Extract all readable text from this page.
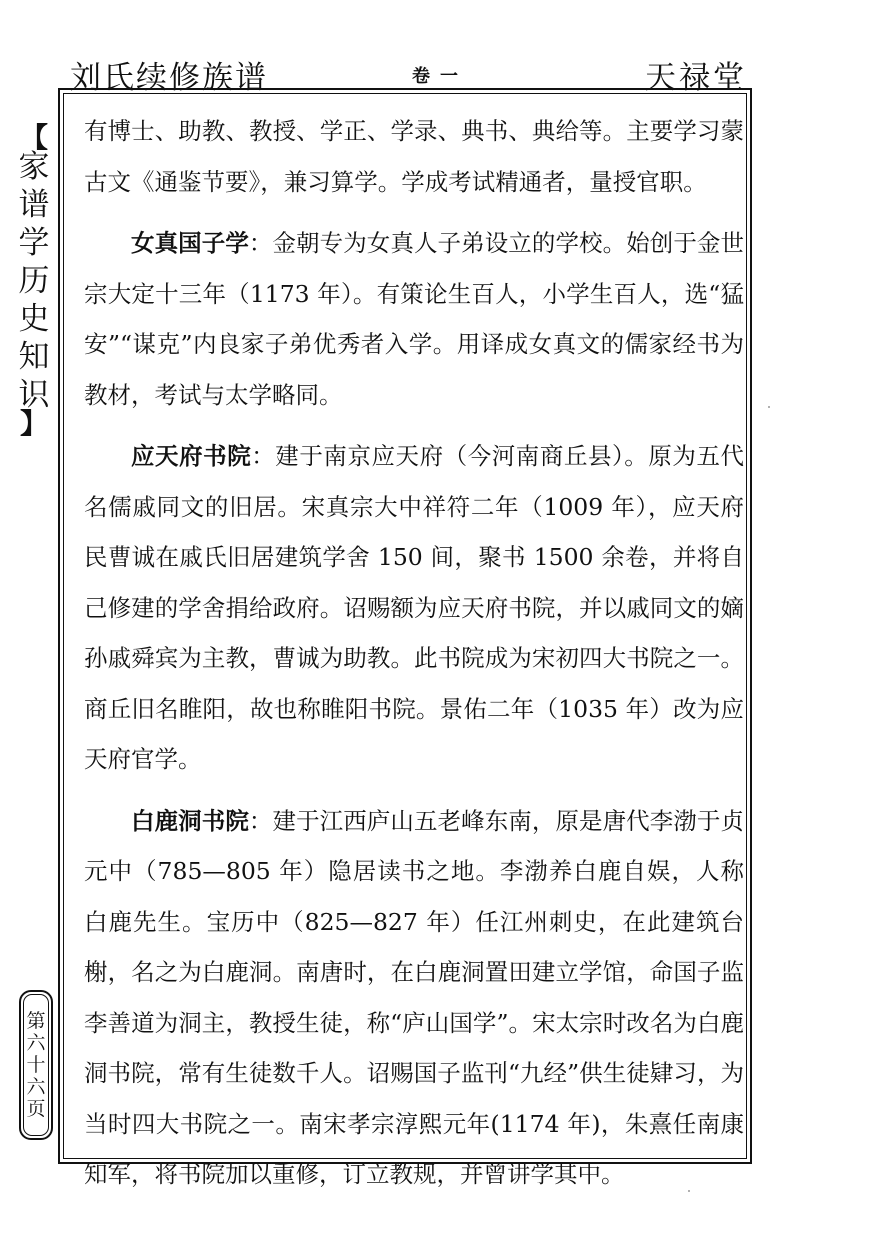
刘氏续修族谱	卷一	天禄堂
【
家
谱
学
历
史
知
识
】
第
六
十
六
页

有博士、助教、教授、学正、学录、典书、典给等。主要学习蒙古文《通鉴节要》，兼习算学。学成考试精通者，量授官职。

女真国子学：金朝专为女真人子弟设立的学校。始创于金世宗大定十三年（1173 年）。有策论生百人，小学生百人，选“猛安”“谋克”内良家子弟优秀者入学。用译成女真文的儒家经书为教材，考试与太学略同。

应天府书院：建于南京应天府（今河南商丘县）。原为五代名儒戚同文的旧居。宋真宗大中祥符二年（1009 年），应天府民曹诚在戚氏旧居建筑学舍 150 间，聚书 1500 余卷，并将自己修建的学舍捐给政府。诏赐额为应天府书院，并以戚同文的嫡孙戚舜宾为主教，曹诚为助教。此书院成为宋初四大书院之一。商丘旧名睢阳，故也称睢阳书院。景佑二年（1035 年）改为应天府官学。

白鹿洞书院：建于江西庐山五老峰东南，原是唐代李渤于贞元中（785—805 年）隐居读书之地。李渤养白鹿自娱，人称白鹿先生。宝历中（825—827 年）任江州刺史，在此建筑台榭，名之为白鹿洞。南唐时，在白鹿洞置田建立学馆，命国子监李善道为洞主，教授生徒，称“庐山国学”。宋太宗时改名为白鹿洞书院，常有生徒数千人。诏赐国子监刊“九经”供生徒肄习，为当时四大书院之一。南宋孝宗淳熙元年(1174 年)，朱熹任南康知军，将书院加以重修，订立教规，并曾讲学其中。
